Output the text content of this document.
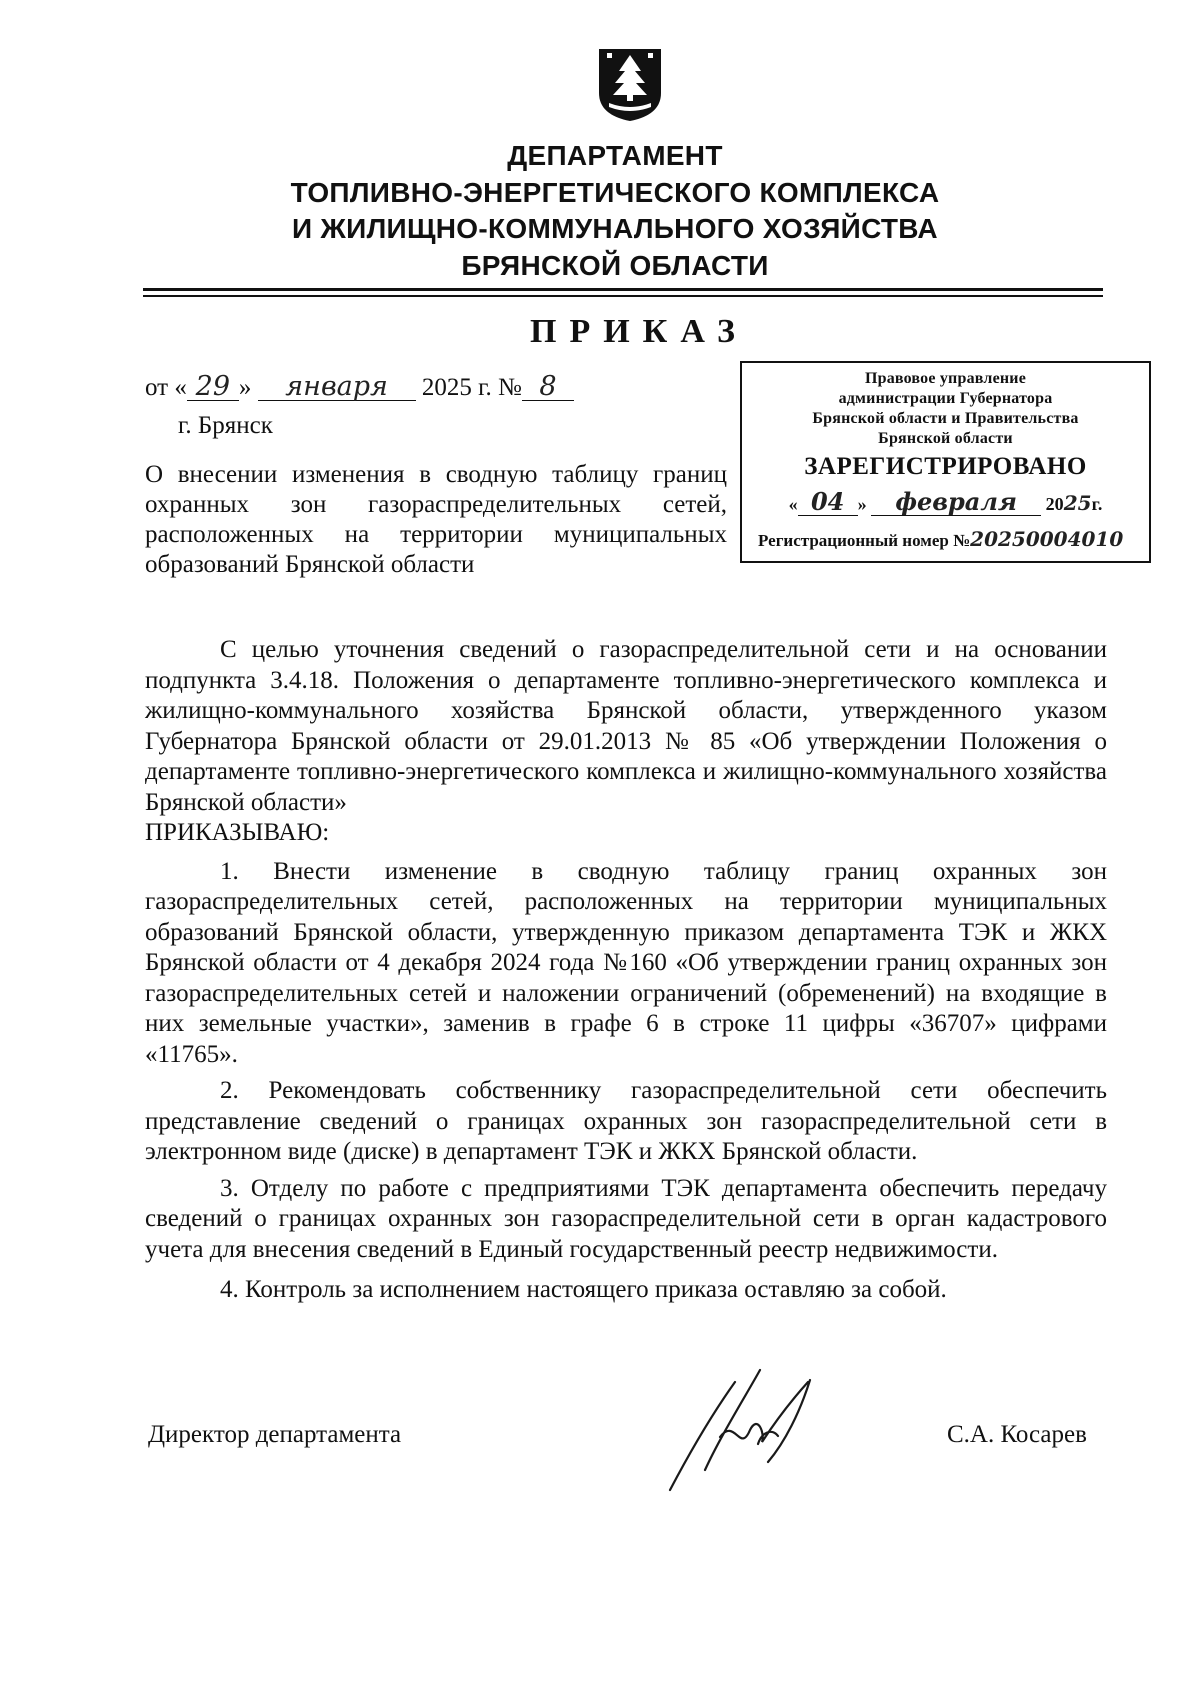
ДЕПАРТАМЕНТ
ТОПЛИВНО-ЭНЕРГЕТИЧЕСКОГО КОМПЛЕКСА
И ЖИЛИЩНО-КОММУНАЛЬНОГО ХОЗЯЙСТВА
БРЯНСКОЙ ОБЛАСТИ
ПРИКАЗ
от « 29 » января 2025 г. № 8
г. Брянск
О внесении изменения в сводную таблицу границ охранных зон газораспределительных сетей, расположенных на территории муниципальных образований Брянской области
Правовое управление
администрации Губернатора
Брянской области и Правительства
Брянской области
ЗАРЕГИСТРИРОВАНО
« 04 » февраля 2025г.
Регистрационный номер №20250004010

С целью уточнения сведений о газораспределительной сети и на основании подпункта 3.4.18. Положения о департаменте топливно-энергетического комплекса и жилищно-коммунального хозяйства Брянской области, утвержденного указом Губернатора Брянской области от 29.01.2013 № 85 «Об утверждении Положения о департаменте топливно-энергетического комплекса и жилищно-коммунального хозяйства Брянской области»

ПРИКАЗЫВАЮ:

1. Внести изменение в сводную таблицу границ охранных зон газораспределительных сетей, расположенных на территории муниципальных образований Брянской области, утвержденную приказом департамента ТЭК и ЖКХ Брянской области от 4 декабря 2024 года №160 «Об утверждении границ охранных зон газораспределительных сетей и наложении ограничений (обременений) на входящие в них земельные участки», заменив в графе 6 в строке 11 цифры «36707» цифрами «11765».

2. Рекомендовать собственнику газораспределительной сети обеспечить представление сведений о границах охранных зон газораспределительной сети в электронном виде (диске) в департамент ТЭК и ЖКХ Брянской области.

3. Отделу по работе с предприятиями ТЭК департамента обеспечить передачу сведений о границах охранных зон газораспределительной сети в орган кадастрового учета для внесения сведений в Единый государственный реестр недвижимости.

4. Контроль за исполнением настоящего приказа оставляю за собой.

Директор департамента	С.А. Косарев
